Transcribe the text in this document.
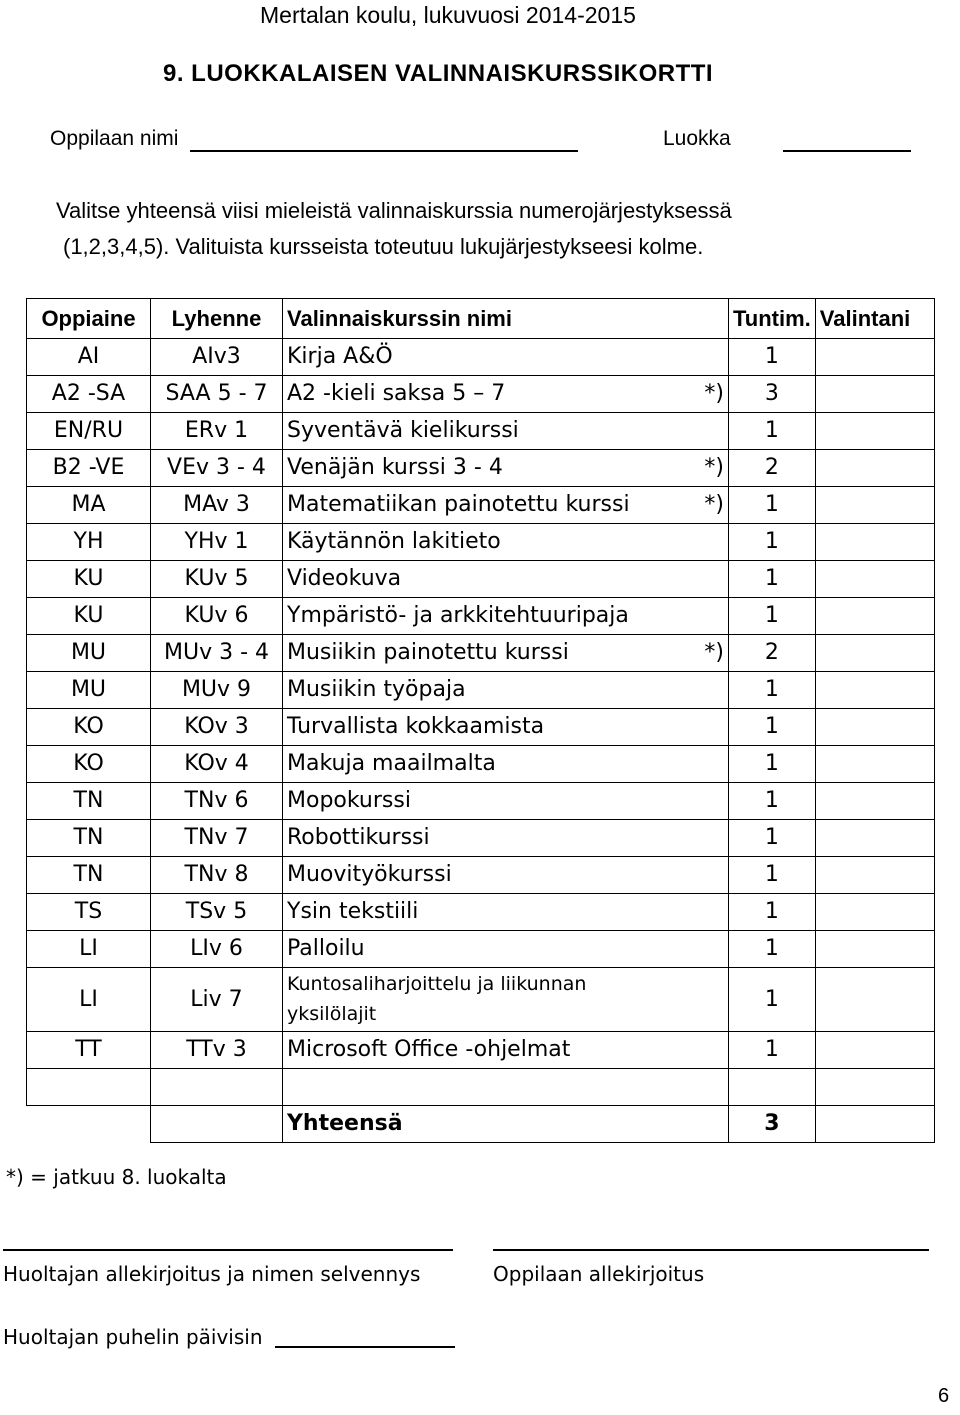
Mertalan koulu, lukuvuosi 2014-2015
9. LUOKKALAISEN VALINNAISKURSSIKORTTI
Oppilaan nimi	Luokka
Valitse yhteensä viisi mieleistä valinnaiskurssia numerojärjestyksessä
(1,2,3,4,5). Valituista kursseista toteutuu lukujärjestykseesi kolme.
Oppiaine	Lyhenne	Valinnaiskurssin nimi	Tuntim.	Valintani
AI	AIv3	Kirja A&Ö	1	
A2 -SA	SAA 5 - 7	A2 -kieli saksa 5 – 7 *)	3	
EN/RU	ERv 1	Syventävä kielikurssi	1	
B2 -VE	VEv 3 - 4	Venäjän kurssi 3 - 4 *)	2	
MA	MAv 3	Matematiikan painotettu kurssi *)	1	
YH	YHv 1	Käytännön lakitieto	1	
KU	KUv 5	Videokuva	1	
KU	KUv 6	Ympäristö- ja arkkitehtuuripaja	1	
MU	MUv 3 - 4	Musiikin painotettu kurssi *)	2	
MU	MUv 9	Musiikin työpaja	1	
KO	KOv 3	Turvallista kokkaamista	1	
KO	KOv 4	Makuja maailmalta	1	
TN	TNv 6	Mopokurssi	1	
TN	TNv 7	Robottikurssi	1	
TN	TNv 8	Muovityökurssi	1	
TS	TSv 5	Ysin tekstiili	1	
LI	LIv 6	Palloilu	1	
LI	Liv 7	Kuntosaliharjoittelu ja liikunnan yksilölajit	1	
TT	TTv 3	Microsoft Office -ohjelmat	1	

		Yhteensä	3	
*) = jatkuu 8. luokalta
Huoltajan allekirjoitus ja nimen selvennys	Oppilaan allekirjoitus
Huoltajan puhelin päivisin
6
